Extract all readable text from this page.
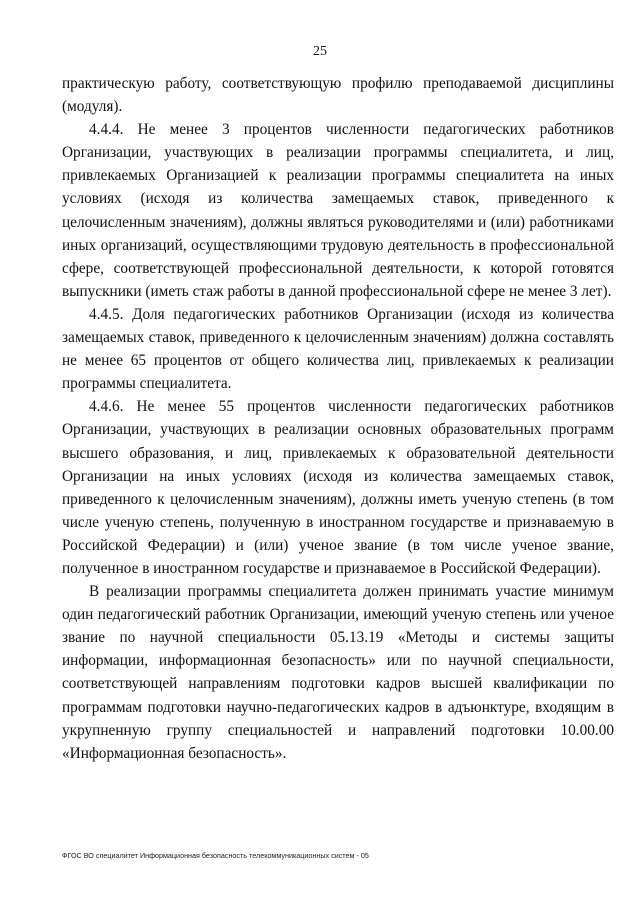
25

практическую работу, соответствующую профилю преподаваемой дисциплины (модуля).

4.4.4. Не менее 3 процентов численности педагогических работников Организации, участвующих в реализации программы специалитета, и лиц, привлекаемых Организацией к реализации программы специалитета на иных условиях (исходя из количества замещаемых ставок, приведенного к целочисленным значениям), должны являться руководителями и (или) работниками иных организаций, осуществляющими трудовую деятельность в профессиональной сфере, соответствующей профессиональной деятельности, к которой готовятся выпускники (иметь стаж работы в данной профессиональной сфере не менее 3 лет).

4.4.5. Доля педагогических работников Организации (исходя из количества замещаемых ставок, приведенного к целочисленным значениям) должна составлять не менее 65 процентов от общего количества лиц, привлекаемых к реализации программы специалитета.

4.4.6. Не менее 55 процентов численности педагогических работников Организации, участвующих в реализации основных образовательных программ высшего образования, и лиц, привлекаемых к образовательной деятельности Организации на иных условиях (исходя из количества замещаемых ставок, приведенного к целочисленным значениям), должны иметь ученую степень (в том числе ученую степень, полученную в иностранном государстве и признаваемую в Российской Федерации) и (или) ученое звание (в том числе ученое звание, полученное в иностранном государстве и признаваемое в Российской Федерации).

В реализации программы специалитета должен принимать участие минимум один педагогический работник Организации, имеющий ученую степень или ученое звание по научной специальности 05.13.19 «Методы и системы защиты информации, информационная безопасность» или по научной специальности, соответствующей направлениям подготовки кадров высшей квалификации по программам подготовки научно-педагогических кадров в адъюнктуре, входящим в укрупненную группу специальностей и направлений подготовки 10.00.00 «Информационная безопасность».

ФГОС ВО специалитет Информационная безопасность телекоммуникационных систем - 05
